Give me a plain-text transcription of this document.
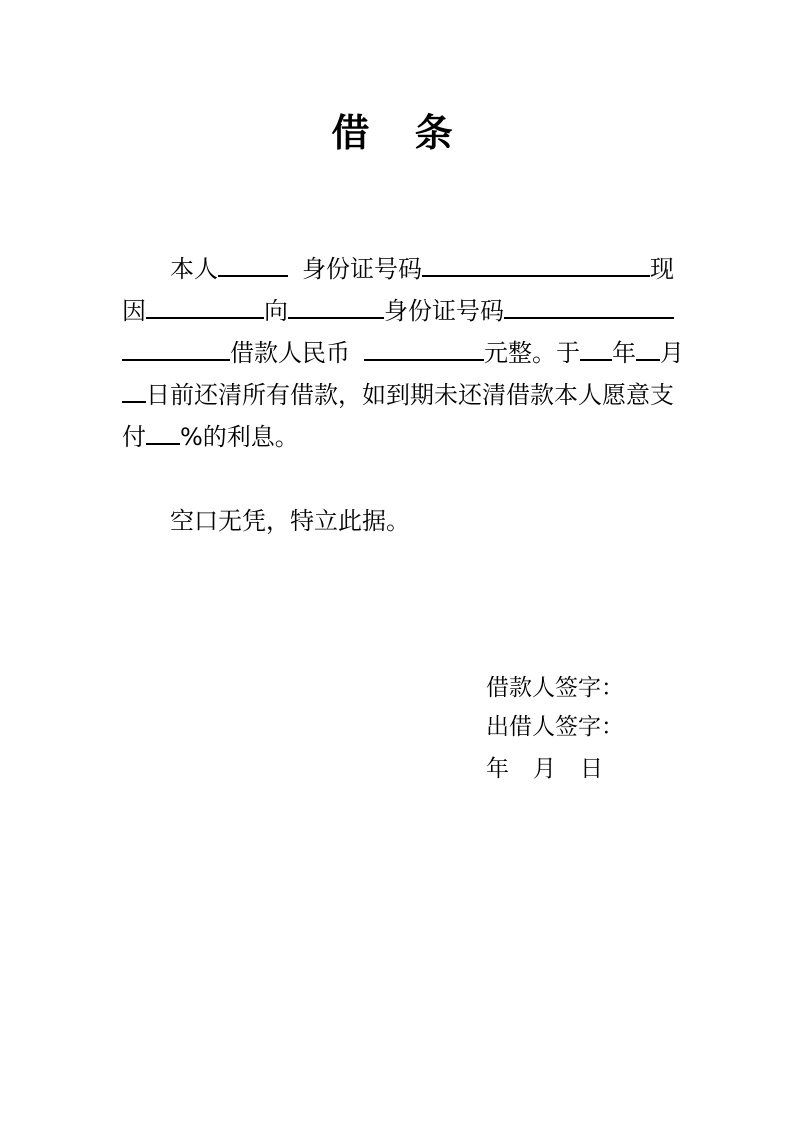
借 条
本人	身份证号码	现
因	向	身份证号码
借款人民币	元整。于 年 月
日前还清所有借款，如到期未还清借款本人愿意支
付 %的利息。
空口无凭，特立此据。
借款人签字：
出借人签字：
年 月 日
